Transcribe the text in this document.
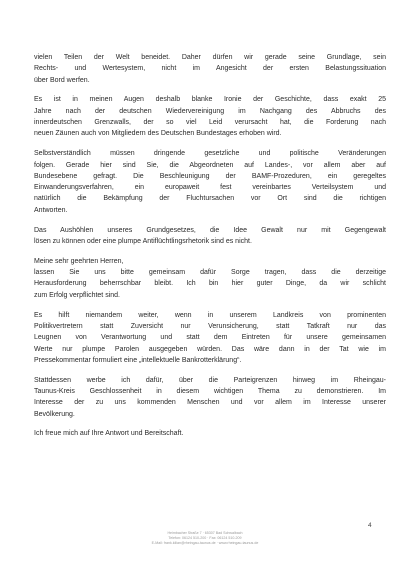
vielen Teilen der Welt beneidet. Daher dürfen wir gerade seine Grundlage, sein
Rechts- und Wertesystem, nicht im Angesicht der ersten Belastungssituation
über Bord werfen.

Es ist in meinen Augen deshalb blanke Ironie der Geschichte, dass exakt 25
Jahre nach der deutschen Wiedervereinigung im Nachgang des Abbruchs des
innerdeutschen Grenzwalls, der so viel Leid verursacht hat, die Forderung nach
neuen Zäunen auch von Mitgliedern des Deutschen Bundestages erhoben wird.

Selbstverständlich müssen dringende gesetzliche und politische Veränderungen
folgen. Gerade hier sind Sie, die Abgeordneten auf Landes-, vor allem aber auf
Bundesebene gefragt. Die Beschleunigung der BAMF-Prozeduren, ein geregeltes
Einwanderungsverfahren, ein europaweit fest vereinbartes Verteilsystem und
natürlich die Bekämpfung der Fluchtursachen vor Ort sind die richtigen
Antworten.

Das Aushöhlen unseres Grundgesetzes, die Idee Gewalt nur mit Gegengewalt
lösen zu können oder eine plumpe Antiflüchtlingsrhetorik sind es nicht.

Meine sehr geehrten Herren,
lassen Sie uns bitte gemeinsam dafür Sorge tragen, dass die derzeitige
Herausforderung beherrschbar bleibt. Ich bin hier guter Dinge, da wir schlicht
zum Erfolg verpflichtet sind.

Es hilft niemandem weiter, wenn in unserem Landkreis von prominenten
Politikvertretern statt Zuversicht nur Verunsicherung, statt Tatkraft nur das
Leugnen von Verantwortung und statt dem Eintreten für unsere gemeinsamen
Werte nur plumpe Parolen ausgegeben würden. Das wäre dann in der Tat wie im
Pressekommentar formuliert eine „intellektuelle Bankrotterklärung“.

Stattdessen werbe ich dafür, über die Parteigrenzen hinweg im Rheingau-
Taunus-Kreis Geschlossenheit in diesem wichtigen Thema zu demonstrieren. Im
Interesse der zu uns kommenden Menschen und vor allem im Interesse unserer
Bevölkerung.

Ich freue mich auf Ihre Antwort und Bereitschaft.

4
Heimbacher Straße 7 · 65307 Bad Schwalbach
Telefon: 06124 510-200 · Fax: 06124 510-209
E-Mail: frank.kilian@rheingau-taunus.de · www.rheingau-taunus.de
